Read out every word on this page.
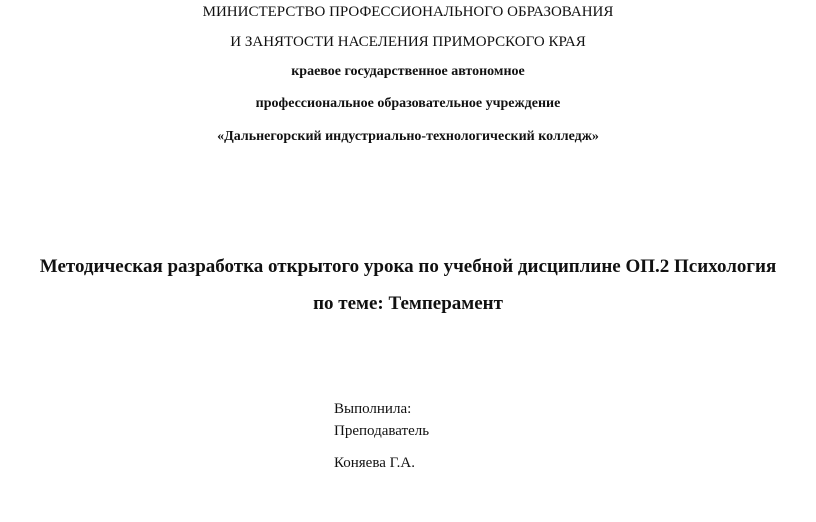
МИНИСТЕРСТВО ПРОФЕССИОНАЛЬНОГО ОБРАЗОВАНИЯ
И ЗАНЯТОСТИ НАСЕЛЕНИЯ ПРИМОРСКОГО КРАЯ
краевое государственное автономное
профессиональное образовательное учреждение
«Дальнегорский индустриально-технологический колледж»
Методическая разработка открытого урока по учебной дисциплине ОП.2 Психология
по теме: Темперамент
Выполнила:
Преподаватель
Коняева Г.А.
